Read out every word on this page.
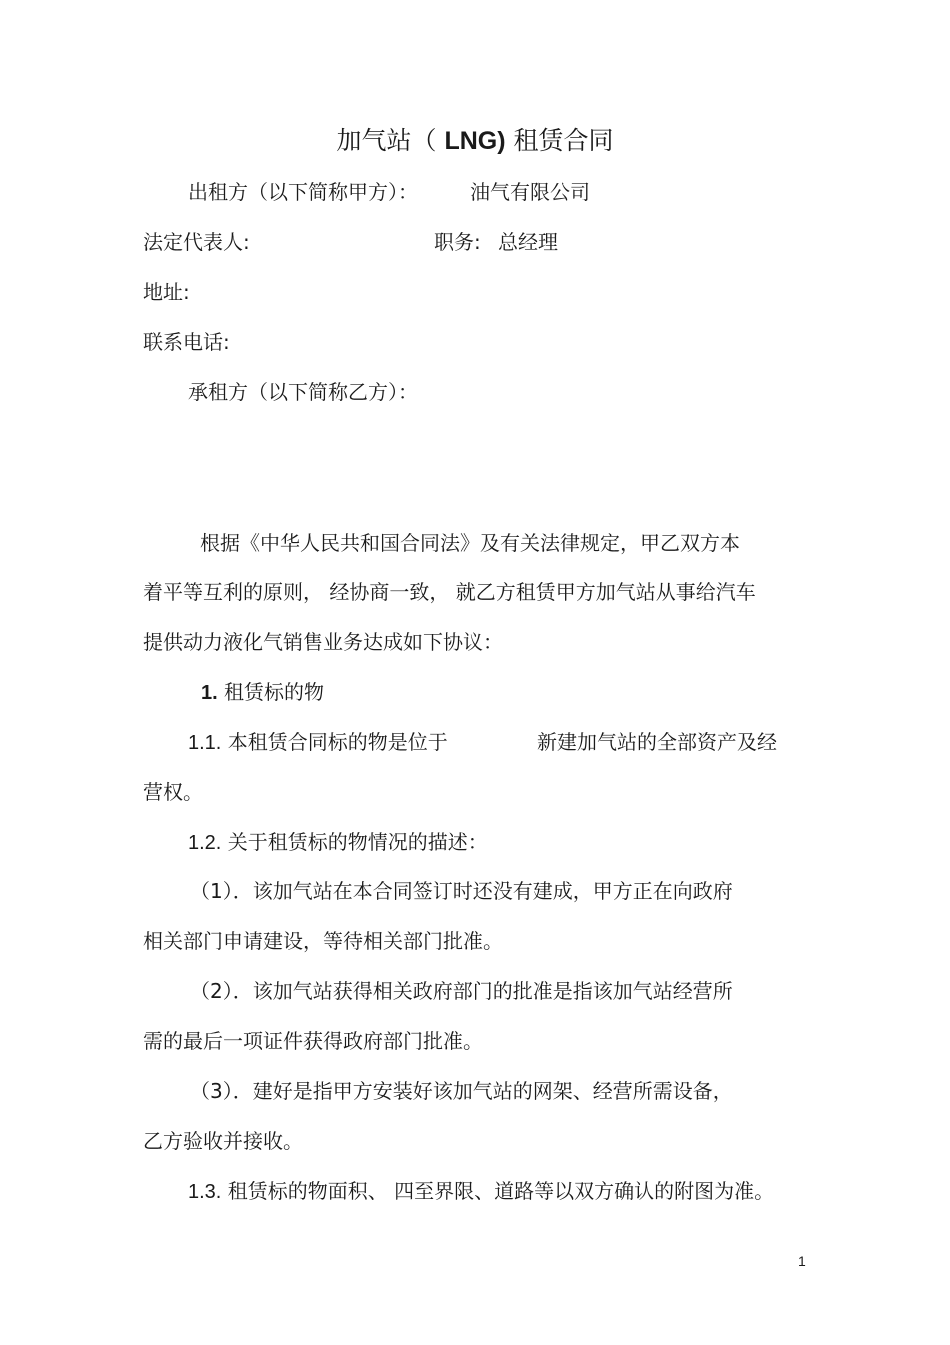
加气站（ LNG) 租赁合同
出租方（以下简称甲方）：	油气有限公司
法定代表人:	职务: 总经理
地址:
联系电话:
承租方（以下简称乙方）：
根据《中华人民共和国合同法》及有关法律规定，甲乙双方本
着平等互利的原则， 经协商一致， 就乙方租赁甲方加气站从事给汽车
提供动力液化气销售业务达成如下协议：
1. 租赁标的物
1.1. 本租赁合同标的物是位于	新建加气站的全部资产及经
营权。
1.2. 关于租赁标的物情况的描述：
（1）．该加气站在本合同签订时还没有建成，甲方正在向政府
相关部门申请建设，等待相关部门批准。
（2）．该加气站获得相关政府部门的批准是指该加气站经营所
需的最后一项证件获得政府部门批准。
（3）．建好是指甲方安装好该加气站的网架、经营所需设备，
乙方验收并接收。
1.3. 租赁标的物面积、 四至界限、道路等以双方确认的附图为准。
1
